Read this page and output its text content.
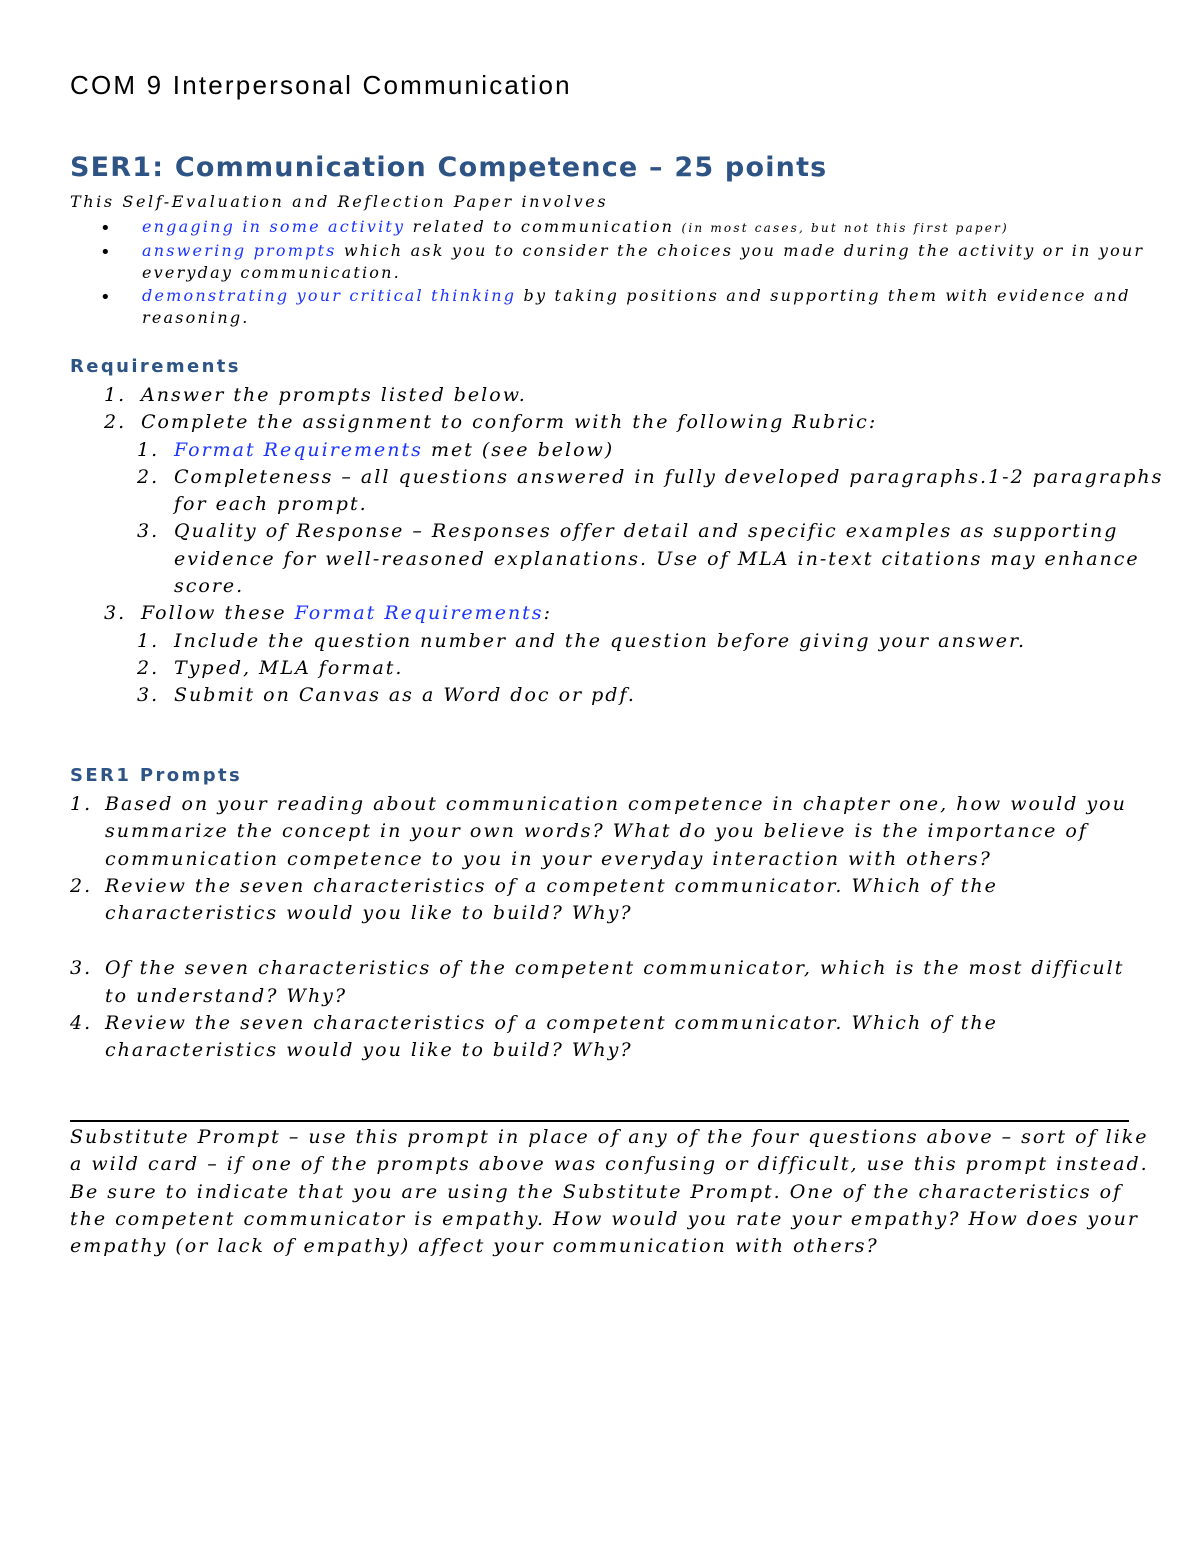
COM 9 Interpersonal Communication
SER1: Communication Competence – 25 points
This Self-Evaluation and Reflection Paper involves
• engaging in some activity related to communication (in most cases, but not this first paper)
• answering prompts which ask you to consider the choices you made during the activity or in your everyday communication.
• demonstrating your critical thinking by taking positions and supporting them with evidence and reasoning.
Requirements
1. Answer the prompts listed below.
2. Complete the assignment to conform with the following Rubric:
1. Format Requirements met (see below)
2. Completeness – all questions answered in fully developed paragraphs.1-2 paragraphs for each prompt.
3. Quality of Response – Responses offer detail and specific examples as supporting evidence for well-reasoned explanations. Use of MLA in-text citations may enhance score.
3. Follow these Format Requirements:
1. Include the question number and the question before giving your answer.
2. Typed, MLA format.
3. Submit on Canvas as a Word doc or pdf.
SER1 Prompts
1. Based on your reading about communication competence in chapter one, how would you summarize the concept in your own words? What do you believe is the importance of communication competence to you in your everyday interaction with others?
2. Review the seven characteristics of a competent communicator. Which of the characteristics would you like to build? Why?
3. Of the seven characteristics of the competent communicator, which is the most difficult to understand? Why?
4. Review the seven characteristics of a competent communicator. Which of the characteristics would you like to build? Why?
Substitute Prompt – use this prompt in place of any of the four questions above – sort of like a wild card – if one of the prompts above was confusing or difficult, use this prompt instead. Be sure to indicate that you are using the Substitute Prompt. One of the characteristics of the competent communicator is empathy. How would you rate your empathy? How does your empathy (or lack of empathy) affect your communication with others?
